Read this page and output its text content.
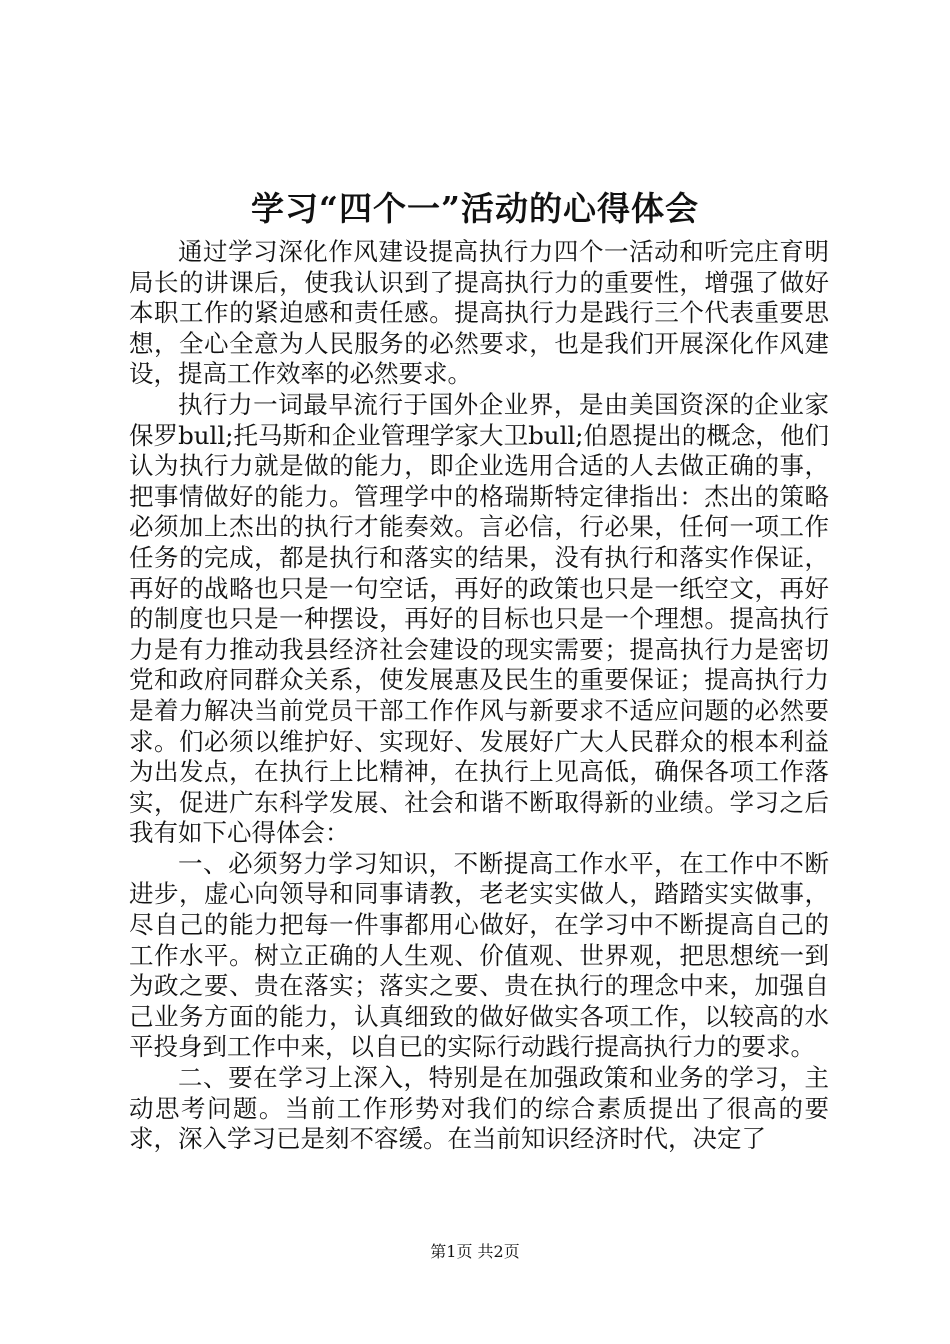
学习“四个一”活动的心得体会

通过学习深化作风建设提高执行力四个一活动和听完庄育明局长的讲课后，使我认识到了提高执行力的重要性，增强了做好本职工作的紧迫感和责任感。提高执行力是践行三个代表重要思想，全心全意为人民服务的必然要求，也是我们开展深化作风建设，提高工作效率的必然要求。

执行力一词最早流行于国外企业界，是由美国资深的企业家保罗bull;托马斯和企业管理学家大卫bull;伯恩提出的概念，他们认为执行力就是做的能力，即企业选用合适的人去做正确的事，把事情做好的能力。管理学中的格瑞斯特定律指出：杰出的策略必须加上杰出的执行才能奏效。言必信，行必果，任何一项工作任务的完成，都是执行和落实的结果，没有执行和落实作保证，再好的战略也只是一句空话，再好的政策也只是一纸空文，再好的制度也只是一种摆设，再好的目标也只是一个理想。提高执行力是有力推动我县经济社会建设的现实需要；提高执行力是密切党和政府同群众关系，使发展惠及民生的重要保证；提高执行力是着力解决当前党员干部工作作风与新要求不适应问题的必然要求。们必须以维护好、实现好、发展好广大人民群众的根本利益为出发点，在执行上比精神，在执行上见高低，确保各项工作落实，促进广东科学发展、社会和谐不断取得新的业绩。学习之后我有如下心得体会：

一、必须努力学习知识，不断提高工作水平，在工作中不断进步，虚心向领导和同事请教，老老实实做人，踏踏实实做事，尽自己的能力把每一件事都用心做好，在学习中不断提高自己的工作水平。树立正确的人生观、价值观、世界观，把思想统一到为政之要、贵在落实；落实之要、贵在执行的理念中来，加强自己业务方面的能力，认真细致的做好做实各项工作，以较高的水平投身到工作中来，以自已的实际行动践行提高执行力的要求。

二、要在学习上深入，特别是在加强政策和业务的学习，主动思考问题。当前工作形势对我们的综合素质提出了很高的要求，深入学习已是刻不容缓。在当前知识经济时代，决定了

第1页 共2页
